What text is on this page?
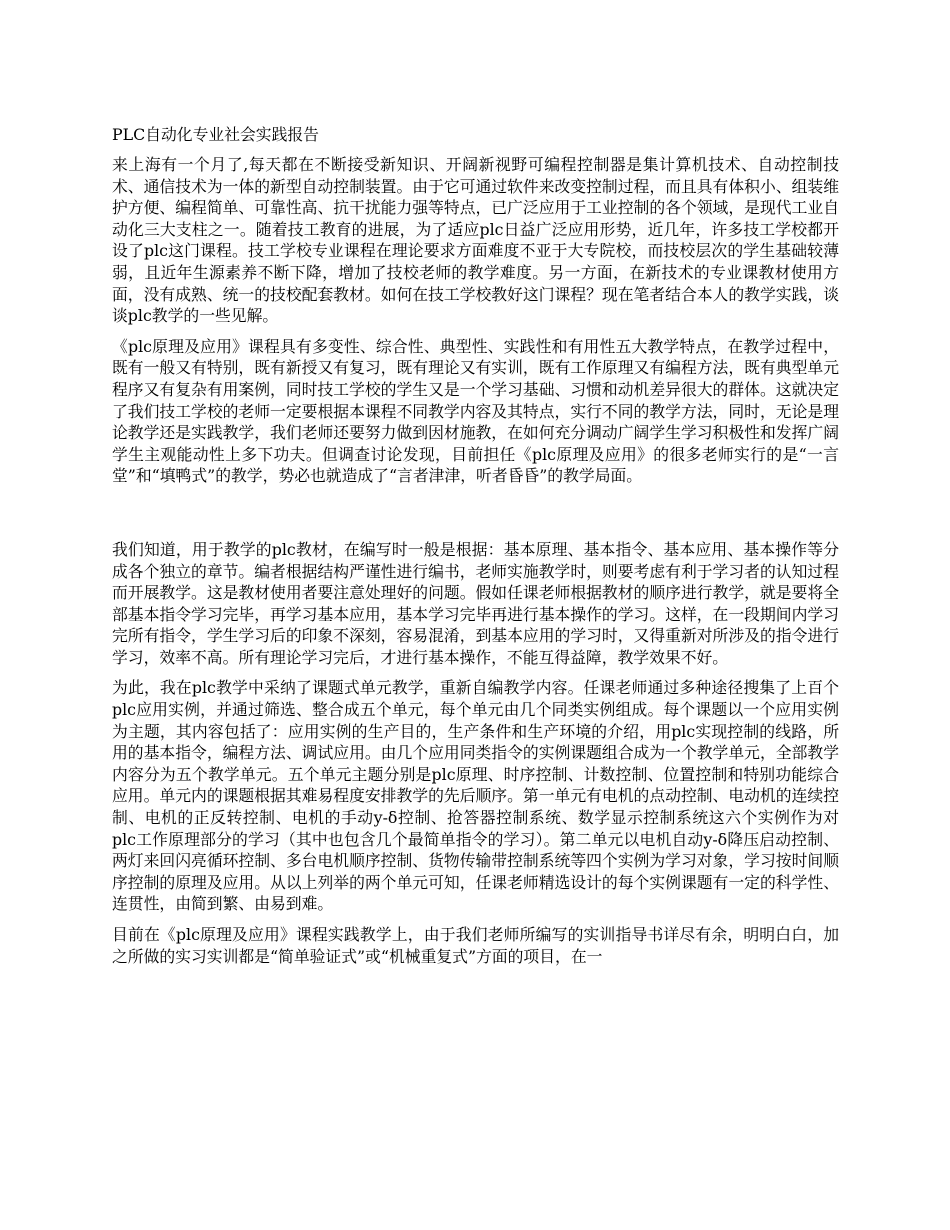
PLC自动化专业社会实践报告

来上海有一个月了,每天都在不断接受新知识、开阔新视野可编程控制器是集计算机技术、自动控制技术、通信技术为一体的新型自动控制装置。由于它可通过软件来改变控制过程，而且具有体积小、组装维护方便、编程简单、可靠性高、抗干扰能力强等特点，已广泛应用于工业控制的各个领域，是现代工业自动化三大支柱之一。随着技工教育的进展，为了适应plc日益广泛应用形势，近几年，许多技工学校都开设了plc这门课程。技工学校专业课程在理论要求方面难度不亚于大专院校，而技校层次的学生基础较薄弱，且近年生源素养不断下降，增加了技校老师的教学难度。另一方面，在新技术的专业课教材使用方面，没有成熟、统一的技校配套教材。如何在技工学校教好这门课程？现在笔者结合本人的教学实践，谈谈plc教学的一些见解。

《plc原理及应用》课程具有多变性、综合性、典型性、实践性和有用性五大教学特点，在教学过程中，既有一般又有特别，既有新授又有复习，既有理论又有实训，既有工作原理又有编程方法，既有典型单元程序又有复杂有用案例，同时技工学校的学生又是一个学习基础、习惯和动机差异很大的群体。这就决定了我们技工学校的老师一定要根据本课程不同教学内容及其特点，实行不同的教学方法，同时，无论是理论教学还是实践教学，我们老师还要努力做到因材施教，在如何充分调动广阔学生学习积极性和发挥广阔学生主观能动性上多下功夫。但调查讨论发现，目前担任《plc原理及应用》的很多老师实行的是“一言堂”和“填鸭式”的教学，势必也就造成了“言者津津，听者昏昏”的教学局面。

我们知道，用于教学的plc教材，在编写时一般是根据：基本原理、基本指令、基本应用、基本操作等分成各个独立的章节。编者根据结构严谨性进行编书，老师实施教学时，则要考虑有利于学习者的认知过程而开展教学。这是教材使用者要注意处理好的问题。假如任课老师根据教材的顺序进行教学，就是要将全部基本指令学习完毕，再学习基本应用，基本学习完毕再进行基本操作的学习。这样，在一段期间内学习完所有指令，学生学习后的印象不深刻，容易混淆，到基本应用的学习时，又得重新对所涉及的指令进行学习，效率不高。所有理论学习完后，才进行基本操作，不能互得益障，教学效果不好。

为此，我在plc教学中采纳了课题式单元教学，重新自编教学内容。任课老师通过多种途径搜集了上百个plc应用实例，并通过筛选、整合成五个单元，每个单元由几个同类实例组成。每个课题以一个应用实例为主题，其内容包括了：应用实例的生产目的，生产条件和生产环境的介绍，用plc实现控制的线路，所用的基本指令，编程方法、调试应用。由几个应用同类指令的实例课题组合成为一个教学单元，全部教学内容分为五个教学单元。五个单元主题分别是plc原理、时序控制、计数控制、位置控制和特别功能综合应用。单元内的课题根据其难易程度安排教学的先后顺序。第一单元有电机的点动控制、电动机的连续控制、电机的正反转控制、电机的手动y-δ控制、抢答器控制系统、数学显示控制系统这六个实例作为对plc工作原理部分的学习（其中也包含几个最简单指令的学习）。第二单元以电机自动y-δ降压启动控制、两灯来回闪亮循环控制、多台电机顺序控制、货物传输带控制系统等四个实例为学习对象，学习按时间顺序控制的原理及应用。从以上列举的两个单元可知，任课老师精选设计的每个实例课题有一定的科学性、连贯性，由简到繁、由易到难。

目前在《plc原理及应用》课程实践教学上，由于我们老师所编写的实训指导书详尽有余，明明白白，加之所做的实习实训都是“简单验证式”或“机械重复式”方面的项目，在一
